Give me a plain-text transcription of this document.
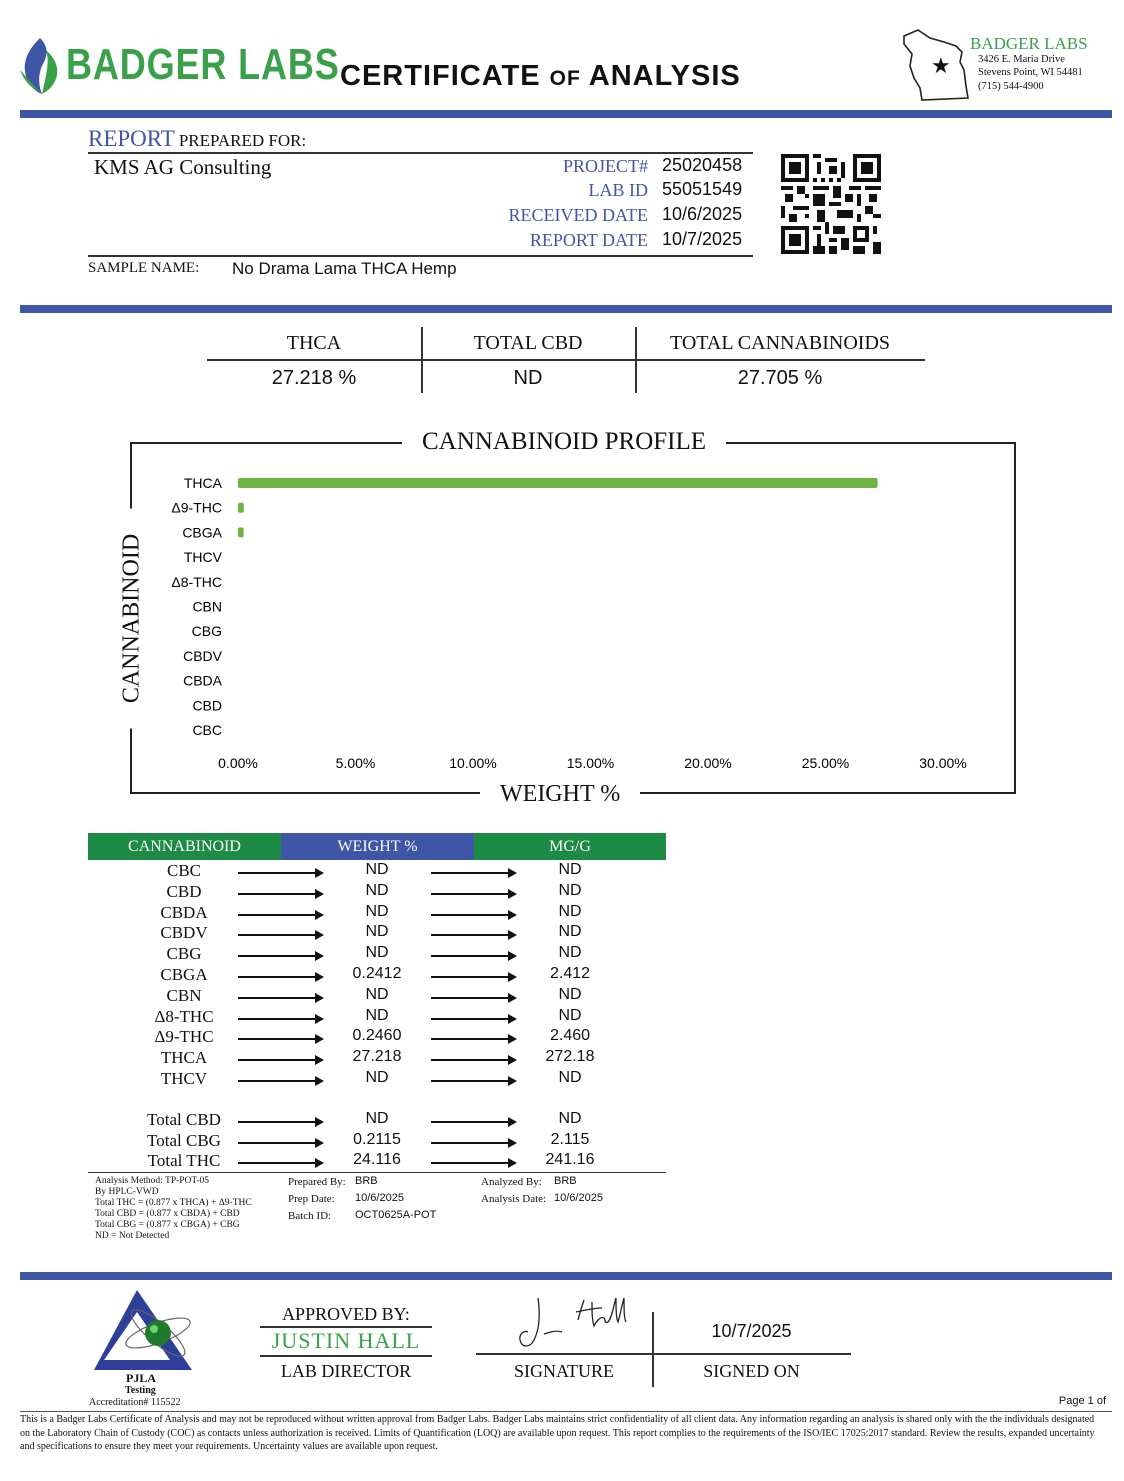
BADGER LABS CERTIFICATE OF ANALYSIS	★
BADGER LABS
3426 E. Maria Drive
Stevens Point, WI 54481
(715) 544-4900
REPORT PREPARED FOR:
KMS AG Consulting	PROJECT# 25020458
LAB ID 55051549
RECEIVED DATE 10/6/2025
REPORT DATE 10/7/2025
SAMPLE NAME: No Drama Lama THCA Hemp
THCA	TOTAL CBD	TOTAL CANNABINOIDS
27.218 %	ND	27.705 %
CANNABINOID PROFILE
WEIGHT %
CANNABINOID
THCA
Δ9-THC
CBGA
THCV
Δ8-THC
CBN
CBG
CBDV
CBDA
CBD
CBC
0.00%	5.00%	10.00%	15.00%	20.00%	25.00%	30.00%
CANNABINOID	WEIGHT %	MG/G
CBC	ND	ND
CBD	ND	ND
CBDA	ND	ND
CBDV	ND	ND
CBG	ND	ND
CBGA	0.2412	2.412
CBN	ND	ND
Δ8-THC	ND	ND
Δ9-THC	0.2460	2.460
THCA	27.218	272.18
THCV	ND	ND
Total CBD	ND	ND
Total CBG	0.2115	2.115
Total THC	24.116	241.16
Analysis Method: TP-POT-05
By HPLC-VWD
Total THC = (0.877 x THCA) + Δ9-THC
Total CBD = (0.877 x CBDA) + CBD
Total CBG = (0.877 x CBGA) + CBG
ND = Not Detected
Prepared By: BRB
Prep Date: 10/6/2025
Batch ID: OCT0625A-POT
Analyzed By: BRB
Analysis Date: 10/6/2025
PJLA
Testing
Accreditation# 115522
APPROVED BY:
JUSTIN HALL
LAB DIRECTOR	SIGNATURE
10/7/2025
SIGNED ON
Page 1 of
This is a Badger Labs Certificate of Analysis and may not be reproduced without written approval from Badger Labs. Badger Labs maintains strict confidentiality of all client data. Any information regarding an analysis is shared only with the the individuals designated on the Laboratory Chain of Custody (COC) as contacts unless authorization is received. Limits of Quantification (LOQ) are available upon request. This report complies to the requirements of the ISO/IEC 17025:2017 standard. Review the results, expanded uncertainty and specifications to ensure they meet your requirements. Uncertainty values are available upon request.
